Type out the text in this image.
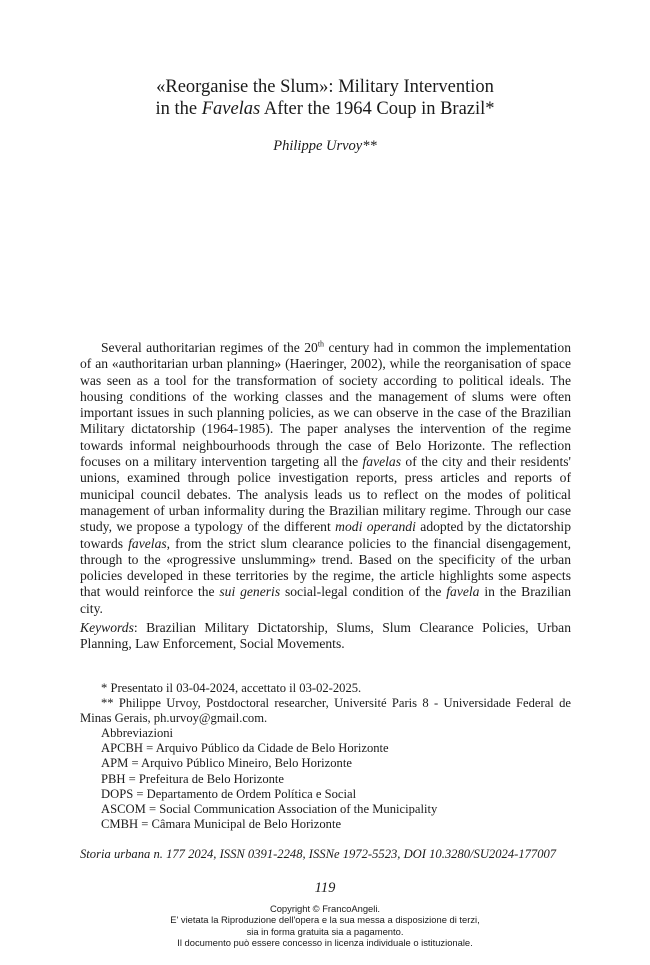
«Reorganise the Slum»: Military Intervention
in the Favelas After the 1964 Coup in Brazil*
Philippe Urvoy**

Several authoritarian regimes of the 20th century had in common the implementation of an «authoritarian urban planning» (Haeringer, 2002), while the reorganisation of space was seen as a tool for the transformation of society according to political ideals. The housing conditions of the working classes and the management of slums were often important issues in such planning policies, as we can observe in the case of the Brazilian Military dictatorship (1964-1985). The paper analyses the intervention of the regime towards informal neighbourhoods through the case of Belo Horizonte. The reflection focuses on a military intervention targeting all the favelas of the city and their residents' unions, examined through police investigation reports, press articles and reports of municipal council debates. The analysis leads us to reflect on the modes of political management of urban informality during the Brazilian military regime. Through our case study, we propose a typology of the different modi operandi adopted by the dictatorship towards favelas, from the strict slum clearance policies to the financial disengagement, through to the «progressive unslumming» trend. Based on the specificity of the urban policies developed in these territories by the regime, the article highlights some aspects that would reinforce the sui generis social-legal condition of the favela in the Brazilian city.

Keywords: Brazilian Military Dictatorship, Slums, Slum Clearance Policies, Urban Planning, Law Enforcement, Social Movements.

* Presentato il 03-04-2024, accettato il 03-02-2025.

** Philippe Urvoy, Postdoctoral researcher, Université Paris 8 - Universidade Federal de Minas Gerais, ph.urvoy@gmail.com.

Abbreviazioni

APCBH = Arquivo Público da Cidade de Belo Horizonte

APM = Arquivo Público Mineiro, Belo Horizonte

PBH = Prefeitura de Belo Horizonte

DOPS = Departamento de Ordem Política e Social

ASCOM = Social Communication Association of the Municipality

CMBH = Câmara Municipal de Belo Horizonte

Storia urbana n. 177 2024, ISSN 0391-2248, ISSNe 1972-5523, DOI 10.3280/SU2024-177007
119
Copyright © FrancoAngeli.
E' vietata la Riproduzione dell'opera e la sua messa a disposizione di terzi,
sia in forma gratuita sia a pagamento.
Il documento può essere concesso in licenza individuale o istituzionale.
